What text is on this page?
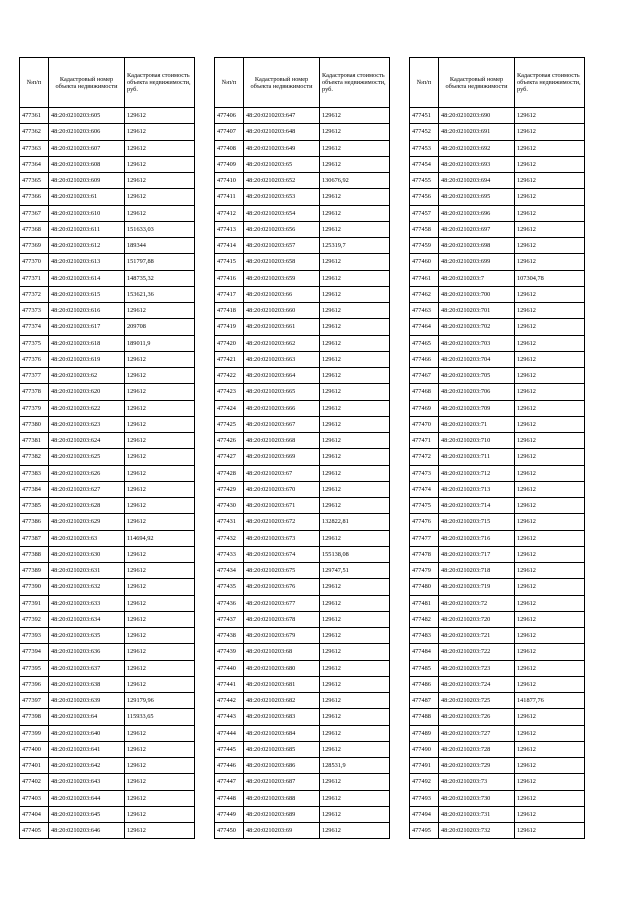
№п/п	Кадастровый номер объекта недвижимости	Кадастровая стоимость объекта недвижимости, руб.
477361	48:20:0210203:605	129612
477362	48:20:0210203:606	129612
477363	48:20:0210203:607	129612
477364	48:20:0210203:608	129612
477365	48:20:0210203:609	129612
477366	48:20:0210203:61	129612
477367	48:20:0210203:610	129612
477368	48:20:0210203:611	151633,03
477369	48:20:0210203:612	189344
477370	48:20:0210203:613	151797,88
477371	48:20:0210203:614	148735,32
477372	48:20:0210203:615	153621,36
477373	48:20:0210203:616	129612
477374	48:20:0210203:617	209708
477375	48:20:0210203:618	189011,9
477376	48:20:0210203:619	129612
477377	48:20:0210203:62	129612
477378	48:20:0210203:620	129612
477379	48:20:0210203:622	129612
477380	48:20:0210203:623	129612
477381	48:20:0210203:624	129612
477382	48:20:0210203:625	129612
477383	48:20:0210203:626	129612
477384	48:20:0210203:627	129612
477385	48:20:0210203:628	129612
477386	48:20:0210203:629	129612
477387	48:20:0210203:63	114694,92
477388	48:20:0210203:630	129612
477389	48:20:0210203:631	129612
477390	48:20:0210203:632	129612
477391	48:20:0210203:633	129612
477392	48:20:0210203:634	129612
477393	48:20:0210203:635	129612
477394	48:20:0210203:636	129612
477395	48:20:0210203:637	129612
477396	48:20:0210203:638	129612
477397	48:20:0210203:639	129179,96
477398	48:20:0210203:64	115933,65
477399	48:20:0210203:640	129612
477400	48:20:0210203:641	129612
477401	48:20:0210203:642	129612
477402	48:20:0210203:643	129612
477403	48:20:0210203:644	129612
477404	48:20:0210203:645	129612
477405	48:20:0210203:646	129612
№п/п	Кадастровый номер объекта недвижимости	Кадастровая стоимость объекта недвижимости, руб.
477406	48:20:0210203:647	129612
477407	48:20:0210203:648	129612
477408	48:20:0210203:649	129612
477409	48:20:0210203:65	129612
477410	48:20:0210203:652	130676,92
477411	48:20:0210203:653	129612
477412	48:20:0210203:654	129612
477413	48:20:0210203:656	129612
477414	48:20:0210203:657	125319,7
477415	48:20:0210203:658	129612
477416	48:20:0210203:659	129612
477417	48:20:0210203:66	129612
477418	48:20:0210203:660	129612
477419	48:20:0210203:661	129612
477420	48:20:0210203:662	129612
477421	48:20:0210203:663	129612
477422	48:20:0210203:664	129612
477423	48:20:0210203:665	129612
477424	48:20:0210203:666	129612
477425	48:20:0210203:667	129612
477426	48:20:0210203:668	129612
477427	48:20:0210203:669	129612
477428	48:20:0210203:67	129612
477429	48:20:0210203:670	129612
477430	48:20:0210203:671	129612
477431	48:20:0210203:672	132822,81
477432	48:20:0210203:673	129612
477433	48:20:0210203:674	155138,08
477434	48:20:0210203:675	129747,51
477435	48:20:0210203:676	129612
477436	48:20:0210203:677	129612
477437	48:20:0210203:678	129612
477438	48:20:0210203:679	129612
477439	48:20:0210203:68	129612
477440	48:20:0210203:680	129612
477441	48:20:0210203:681	129612
477442	48:20:0210203:682	129612
477443	48:20:0210203:683	129612
477444	48:20:0210203:684	129612
477445	48:20:0210203:685	129612
477446	48:20:0210203:686	128531,9
477447	48:20:0210203:687	129612
477448	48:20:0210203:688	129612
477449	48:20:0210203:689	129612
477450	48:20:0210203:69	129612
№п/п	Кадастровый номер объекта недвижимости	Кадастровая стоимость объекта недвижимости, руб.
477451	48:20:0210203:690	129612
477452	48:20:0210203:691	129612
477453	48:20:0210203:692	129612
477454	48:20:0210203:693	129612
477455	48:20:0210203:694	129612
477456	48:20:0210203:695	129612
477457	48:20:0210203:696	129612
477458	48:20:0210203:697	129612
477459	48:20:0210203:698	129612
477460	48:20:0210203:699	129612
477461	48:20:0210203:7	107304,78
477462	48:20:0210203:700	129612
477463	48:20:0210203:701	129612
477464	48:20:0210203:702	129612
477465	48:20:0210203:703	129612
477466	48:20:0210203:704	129612
477467	48:20:0210203:705	129612
477468	48:20:0210203:706	129612
477469	48:20:0210203:709	129612
477470	48:20:0210203:71	129612
477471	48:20:0210203:710	129612
477472	48:20:0210203:711	129612
477473	48:20:0210203:712	129612
477474	48:20:0210203:713	129612
477475	48:20:0210203:714	129612
477476	48:20:0210203:715	129612
477477	48:20:0210203:716	129612
477478	48:20:0210203:717	129612
477479	48:20:0210203:718	129612
477480	48:20:0210203:719	129612
477481	48:20:0210203:72	129612
477482	48:20:0210203:720	129612
477483	48:20:0210203:721	129612
477484	48:20:0210203:722	129612
477485	48:20:0210203:723	129612
477486	48:20:0210203:724	129612
477487	48:20:0210203:725	141877,76
477488	48:20:0210203:726	129612
477489	48:20:0210203:727	129612
477490	48:20:0210203:728	129612
477491	48:20:0210203:729	129612
477492	48:20:0210203:73	129612
477493	48:20:0210203:730	129612
477494	48:20:0210203:731	129612
477495	48:20:0210203:732	129612
